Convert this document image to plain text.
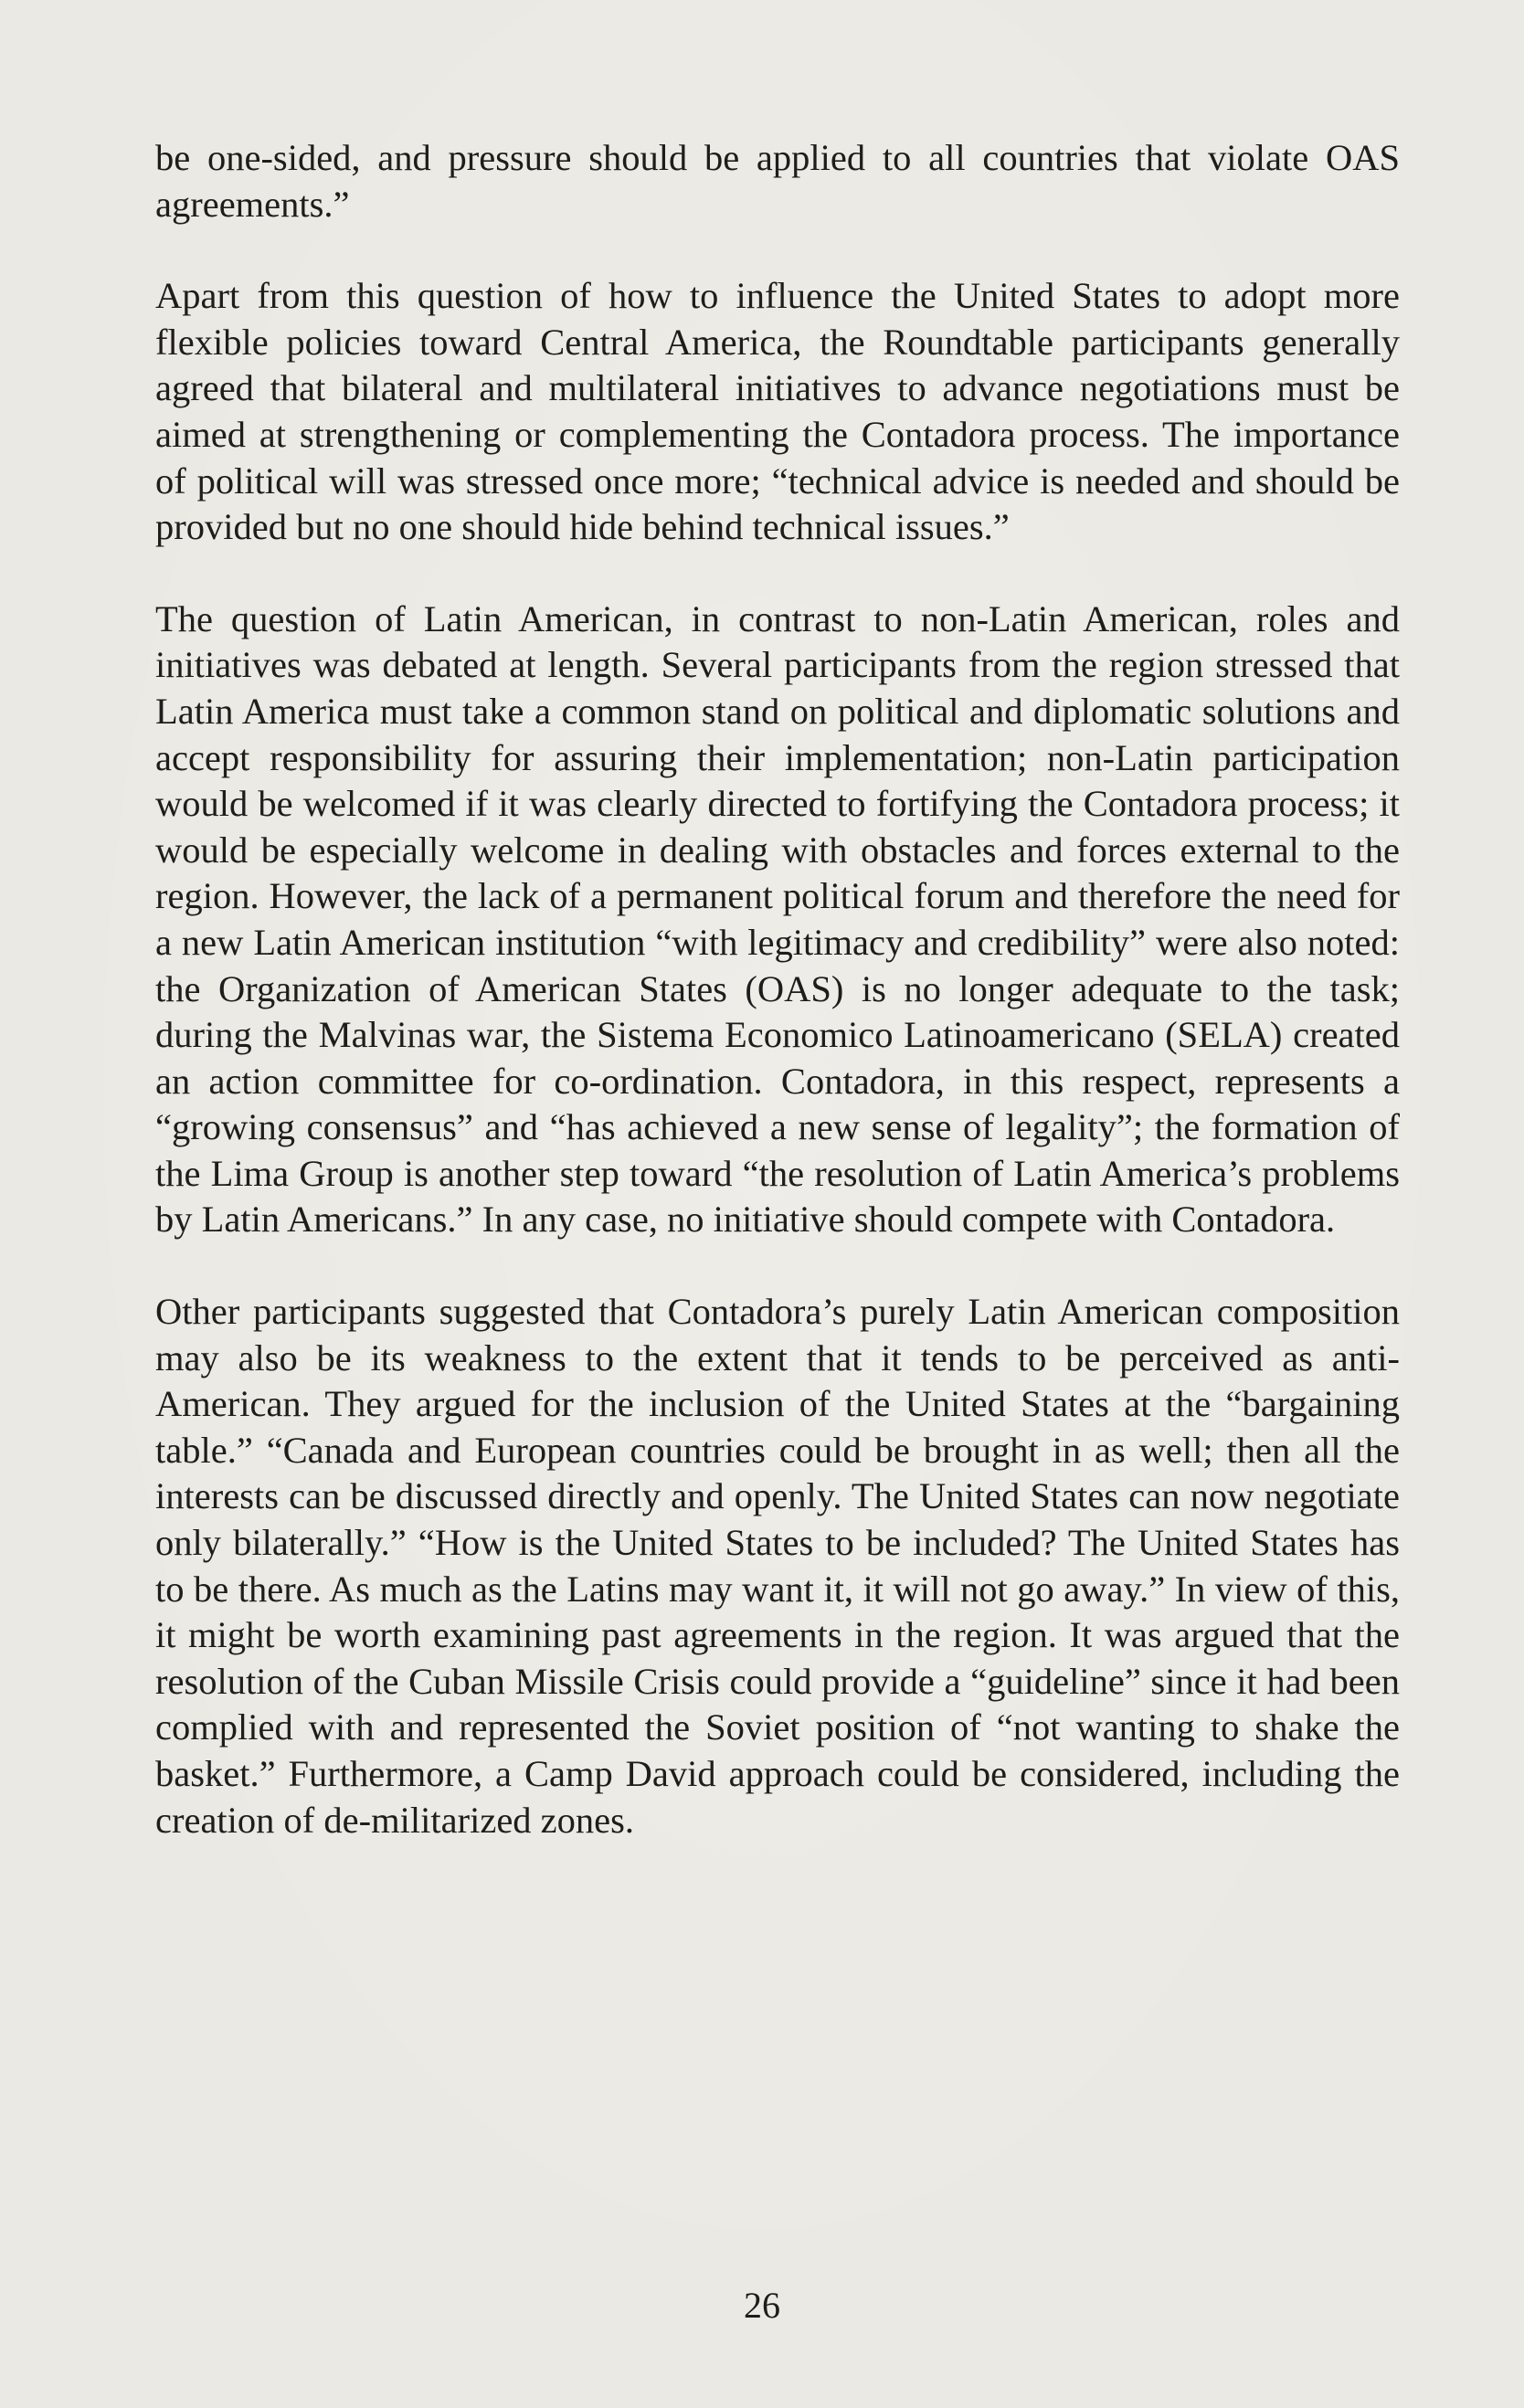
be one-sided, and pressure should be applied to all countries that violate OAS agreements.”

Apart from this question of how to influence the United States to adopt more flexible policies toward Central America, the Roundtable participants generally agreed that bilateral and multilateral initiatives to advance negotiations must be aimed at strengthening or complementing the Contadora process. The importance of political will was stressed once more; “technical advice is needed and should be provided but no one should hide behind technical issues.”

The question of Latin American, in contrast to non-Latin American, roles and initiatives was debated at length. Several participants from the region stressed that Latin America must take a common stand on political and diplomatic solutions and accept responsibility for assuring their implementation; non-Latin participation would be welcomed if it was clearly directed to fortifying the Contadora process; it would be especially welcome in dealing with obstacles and forces external to the region. However, the lack of a permanent political forum and therefore the need for a new Latin American institution “with legitimacy and credibility” were also noted: the Organization of American States (OAS) is no longer adequate to the task; during the Malvinas war, the Sistema Economico Latinoamericano (SELA) created an action committee for co-ordination. Contadora, in this respect, represents a “growing consensus” and “has achieved a new sense of legality”; the formation of the Lima Group is another step toward “the resolution of Latin America’s problems by Latin Americans.” In any case, no initiative should compete with Contadora.

Other participants suggested that Contadora’s purely Latin American composition may also be its weakness to the extent that it tends to be perceived as anti-American. They argued for the inclusion of the United States at the “bargaining table.” “Canada and European countries could be brought in as well; then all the interests can be discussed directly and openly. The United States can now negotiate only bilaterally.” “How is the United States to be included? The United States has to be there. As much as the Latins may want it, it will not go away.” In view of this, it might be worth examining past agreements in the region. It was argued that the resolution of the Cuban Missile Crisis could provide a “guideline” since it had been complied with and represented the Soviet position of “not wanting to shake the basket.” Furthermore, a Camp David approach could be considered, including the creation of de-militarized zones.

26
